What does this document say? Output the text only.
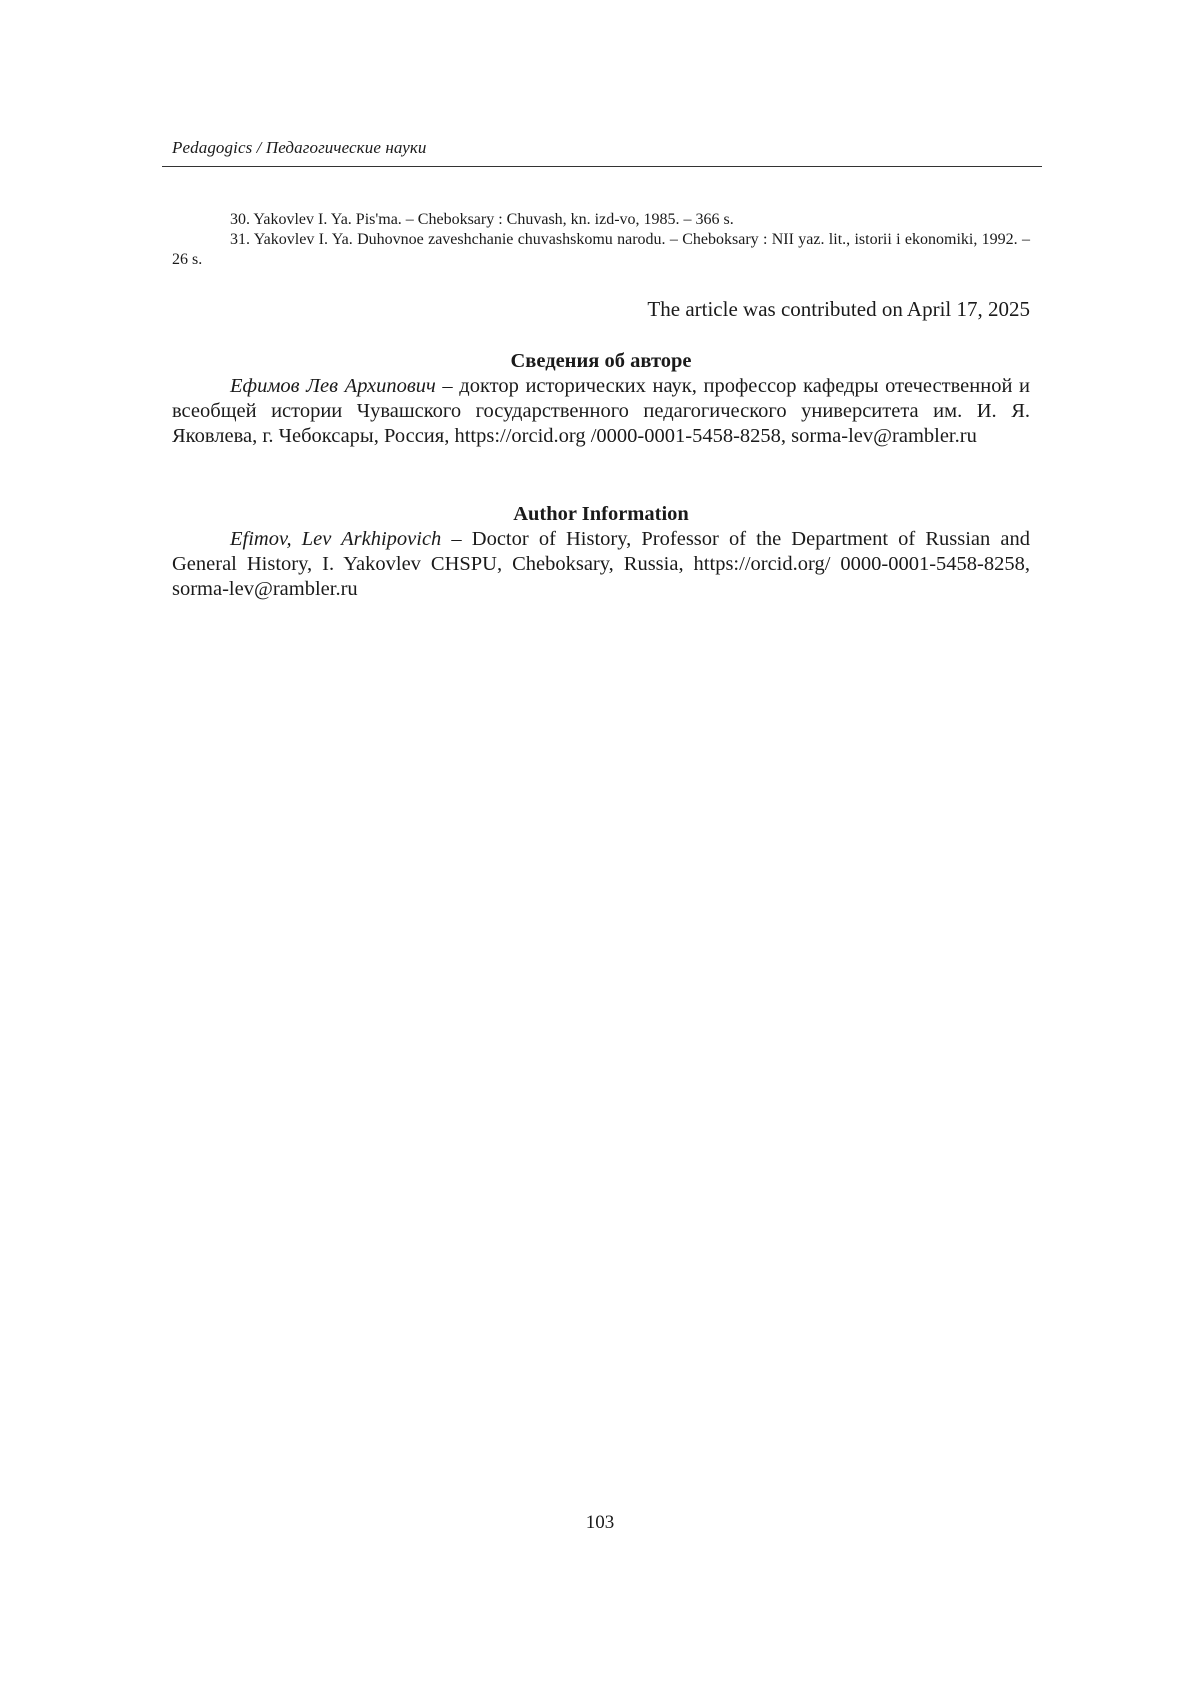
Pedagogics / Педагогические науки

30. Yakovlev I. Ya. Pis'ma. – Cheboksary : Chuvash, kn. izd-vo, 1985. – 366 s.

31. Yakovlev I. Ya. Duhovnoe zaveshchanie chuvashskomu narodu. – Cheboksary : NII yaz. lit., istorii i ekonomiki, 1992. – 26 s.

The article was contributed on April 17, 2025
Сведения об авторе

Ефимов Лев Архипович – доктор исторических наук, профессор кафедры отечественной и всеобщей истории Чувашского государственного педагогического университета им. И. Я. Яковлева, г. Чебоксары, Россия, https://orcid.org /0000-0001-5458-8258, sorma-lev@rambler.ru

Author Information

Efimov, Lev Arkhipovich – Doctor of History, Professor of the Department of Russian and General History, I. Yakovlev CHSPU, Cheboksary, Russia, https://orcid.org/ 0000-0001-5458-8258, sorma-lev@rambler.ru

103
